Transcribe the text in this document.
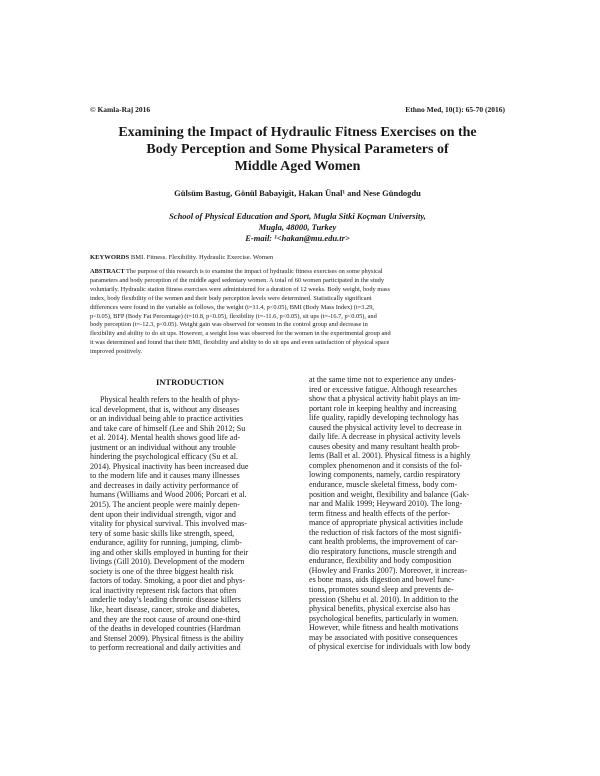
© Kamla-Raj 2016	Ethno Med, 10(1): 65-70 (2016)
Examining the Impact of Hydraulic Fitness Exercises on the
Body Perception and Some Physical Parameters of
Middle Aged Women
Gülsüm Bastug, Gönül Babayigit, Hakan Ünal¹ and Nese Gündogdu
School of Physical Education and Sport, Mugla Sitki Koçman University,
Mugla, 48000, Turkey
E-mail: ¹<hakan@mu.edu.tr>
KEYWORDS BMI. Fitness. Flexibility. Hydraulic Exercise. Women
ABSTRACT The purpose of this research is to examine the impact of hydraulic fitness exercises on some physical
parameters and body perception of the middle aged sedentary women. A total of 60 women participated in the study
voluntarily. Hydraulic station fitness exercises were administered for a duration of 12 weeks. Body weight, body mass
index, body flexibility of the women and their body perception levels were determined. Statistically significant
differences were found in the variable as follows, the weight (t=11.4, p<0.05), BMI (Body Mass Index) (t=3.29,
p<0.05), BFP (Body Fat Percentage) (t=10.8, p<0.05), flexibility (t=-11.6, p<0.05), sit ups (t=-16.7, p<0.05), and
body perception (t=-12.3, p<0.05). Weight gain was observed for women in the control group and decrease in
flexibility and ability to do sit ups. However, a weight loss was observed for the women in the experimental group and
it was determined and found that their BMI, flexibility and ability to do sit ups and even satisfaction of physical space
improved positively.
INTRODUCTION
Physical health refers to the health of phys-
ical development, that is, without any diseases
or an individual being able to practice activities
and take care of himself (Lee and Shih 2012; Su
et al. 2014). Mental health shows good life ad-
justment or an individual without any trouble
hindering the psychological efficacy (Su et al.
2014). Physical inactivity has been increased due
to the modern life and it causes many illnesses
and decreases in daily activity performance of
humans (Williams and Wood 2006; Porcari et al.
2015). The ancient people were mainly depen-
dent upon their individual strength, vigor and
vitality for physical survival. This involved mas-
tery of some basic skills like strength, speed,
endurance, agility for running, jumping, climb-
ing and other skills employed in hunting for their
livings (Gill 2010). Development of the modern
society is one of the three biggest health risk
factors of today. Smoking, a poor diet and phys-
ical inactivity represent risk factors that often
underlie today’s leading chronic disease killers
like, heart disease, cancer, stroke and diabetes,
and they are the root cause of around one-third
of the deaths in developed countries (Hardman
and Stensel 2009). Physical fitness is the ability
to perform recreational and daily activities and
at the same time not to experience any undes-
ired or excessive fatigue. Although researches
show that a physical activity habit plays an im-
portant role in keeping healthy and increasing
life quality, rapidly developing technology has
caused the physical activity level to decrease in
daily life. A decrease in physical activity levels
causes obesity and many resultant health prob-
lems (Ball et al. 2001). Physical fitness is a highly
complex phenomenon and it consists of the fol-
lowing components, namely, cardio respiratory
endurance, muscle skeletal fitness, body com-
position and weight, flexibility and balance (Gak-
nar and Malik 1999; Heyward 2010). The long-
term fitness and health effects of the perfor-
mance of appropriate physical activities include
the reduction of risk factors of the most signifi-
cant health problems, the improvement of car-
dio respiratory functions, muscle strength and
endurance, flexibility and body composition
(Howley and Franks 2007). Moreover, it increas-
es bone mass, aids digestion and bowel func-
tions, promotes sound sleep and prevents de-
pression (Shehu et al. 2010). In addition to the
physical benefits, physical exercise also has
psychological benefits, particularly in women.
However, while fitness and health motivations
may be associated with positive consequences
of physical exercise for individuals with low body
